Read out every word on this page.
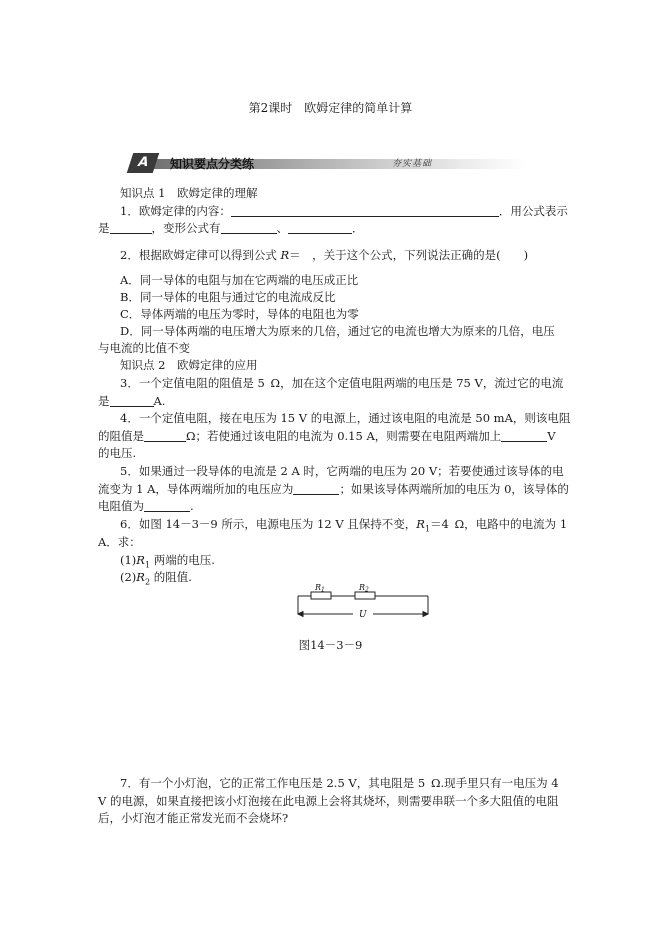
第2课时　欧姆定律的简单计算
A	知识要点分类练	夯实基础
知识点 1　欧姆定律的理解
1．欧姆定律的内容：	．用公式表示
是	，变形公式有	、	．
2．根据欧姆定律可以得到公式 R＝　，关于这个公式，下列说法正确的是(　　)
A．同一导体的电阻与加在它两端的电压成正比
B．同一导体的电阻与通过它的电流成反比
C．导体两端的电压为零时，导体的电阻也为零
D．同一导体两端的电压增大为原来的几倍，通过它的电流也增大为原来的几倍，电压
与电流的比值不变
知识点 2　欧姆定律的应用
3．一个定值电阻的阻值是 5 Ω，加在这个定值电阻两端的电压是 75 V，流过它的电流
是	A.
4．一个定值电阻，接在电压为 15 V 的电源上，通过该电阻的电流是 50 mA，则该电阻
的阻值是	Ω；若使通过该电阻的电流为 0.15 A，则需要在电阻两端加上	V
的电压.
5．如果通过一段导体的电流是 2 A 时，它两端的电压为 20 V；若要使通过该导体的电
流变为 1 A，导体两端所加的电压应为	；如果该导体两端所加的电压为 0，该导体的
电阻值为	.
6．如图 14－3－9 所示，电源电压为 12 V 且保持不变，$R_1=4$ Ω，电路中的电流为 1
A．求：
$(1)R_1$ 两端的电压.
$(2)R_2$ 的阻值.
R1	R2
U
图14－3－9
7．有一个小灯泡，它的正常工作电压是 2.5 V，其电阻是 5 Ω.现手里只有一电压为 4
V 的电源，如果直接把该小灯泡接在此电源上会将其烧坏，则需要串联一个多大阻值的电阻
后，小灯泡才能正常发光而不会烧坏?
